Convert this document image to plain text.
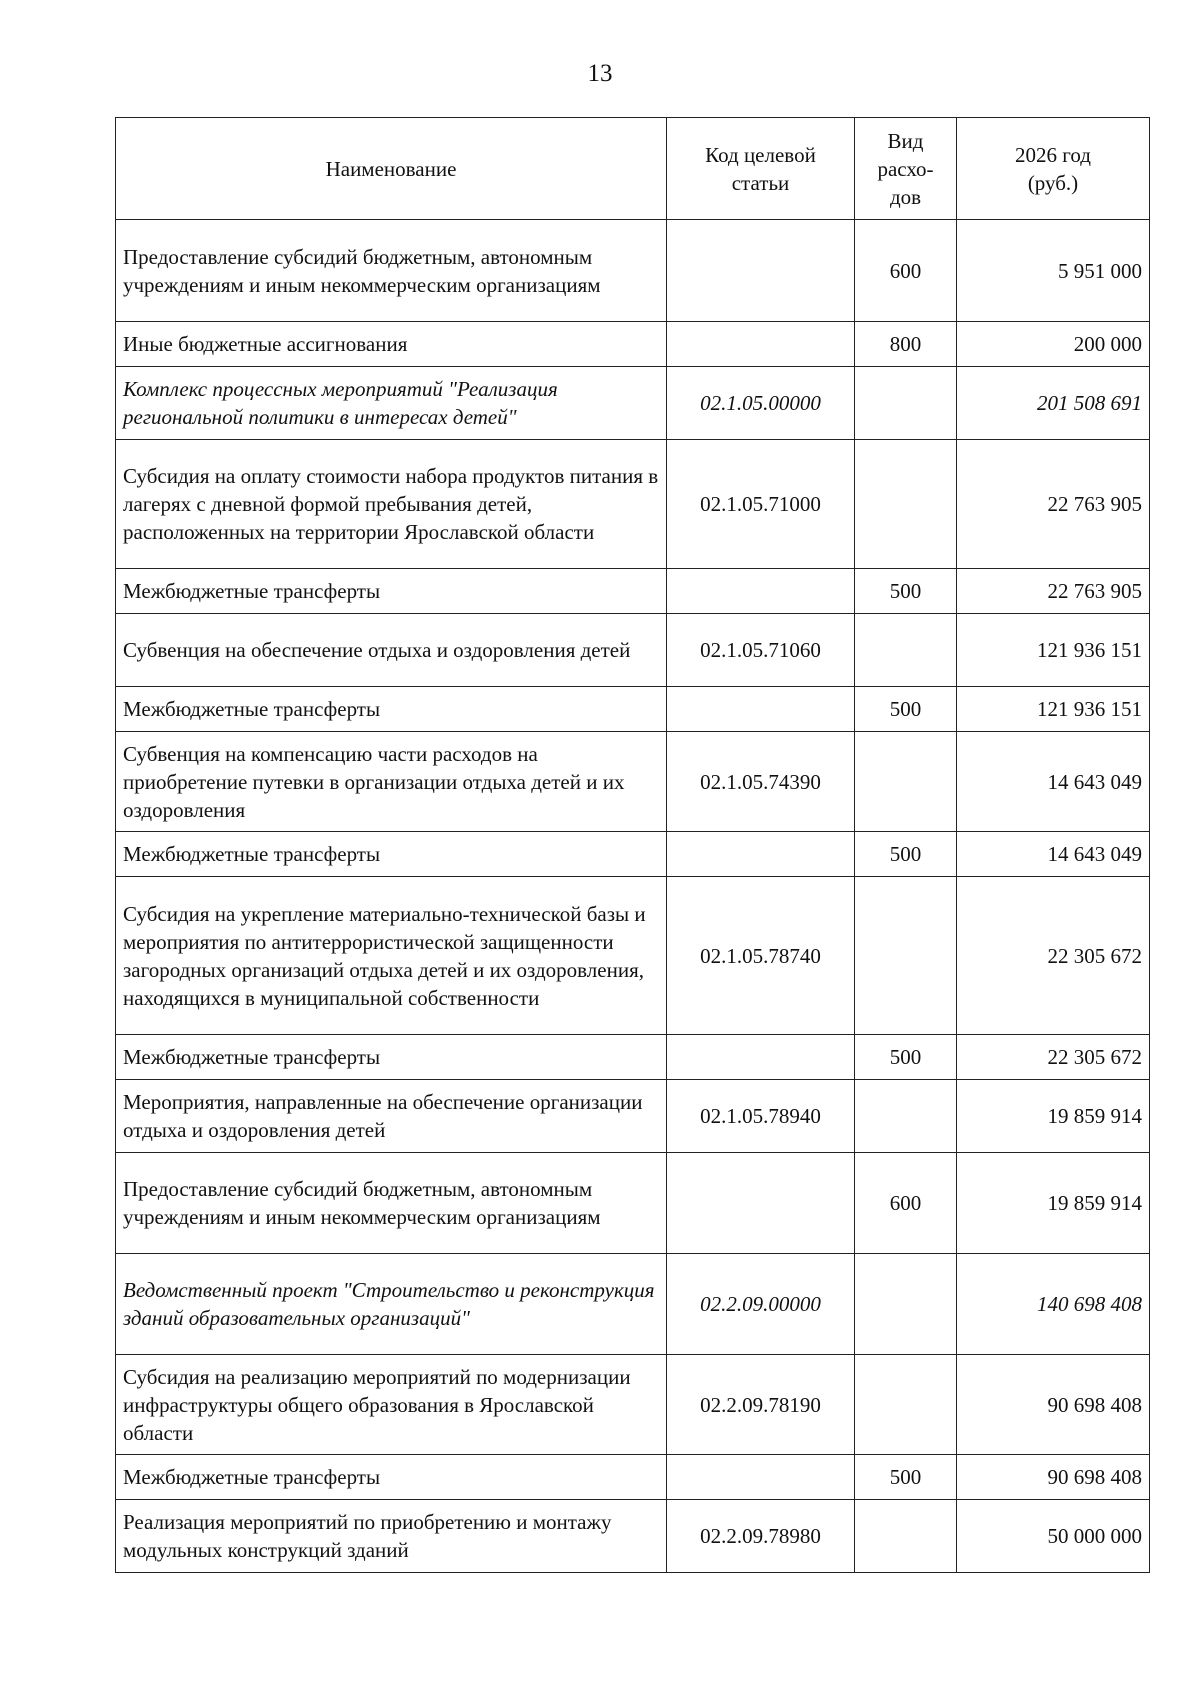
13
Наименование	Код целевой статьи	Вид расхо-дов	2026 год (руб.)
Предоставление субсидий бюджетным, автономным учреждениям и иным некоммерческим организациям		600	5 951 000
Иные бюджетные ассигнования		800	200 000
Комплекс процессных мероприятий "Реализация региональной политики в интересах детей"	02.1.05.00000		201 508 691
Субсидия на оплату стоимости набора продуктов питания в лагерях с дневной формой пребывания детей, расположенных на территории Ярославской области	02.1.05.71000		22 763 905
Межбюджетные трансферты		500	22 763 905
Субвенция на обеспечение отдыха и оздоровления детей	02.1.05.71060		121 936 151
Межбюджетные трансферты		500	121 936 151
Субвенция на компенсацию части расходов на приобретение путевки в организации отдыха детей и их оздоровления	02.1.05.74390		14 643 049
Межбюджетные трансферты		500	14 643 049
Субсидия на укрепление материально-технической базы и мероприятия по антитеррористической защищенности загородных организаций отдыха детей и их оздоровления, находящихся в муниципальной собственности	02.1.05.78740		22 305 672
Межбюджетные трансферты		500	22 305 672
Мероприятия, направленные на обеспечение организации отдыха и оздоровления детей	02.1.05.78940		19 859 914
Предоставление субсидий бюджетным, автономным учреждениям и иным некоммерческим организациям		600	19 859 914
Ведомственный проект "Строительство и реконструкция зданий образовательных организаций"	02.2.09.00000		140 698 408
Субсидия на реализацию мероприятий по модернизации инфраструктуры общего образования в Ярославской области	02.2.09.78190		90 698 408
Межбюджетные трансферты		500	90 698 408
Реализация мероприятий по приобретению и монтажу модульных конструкций зданий	02.2.09.78980		50 000 000
